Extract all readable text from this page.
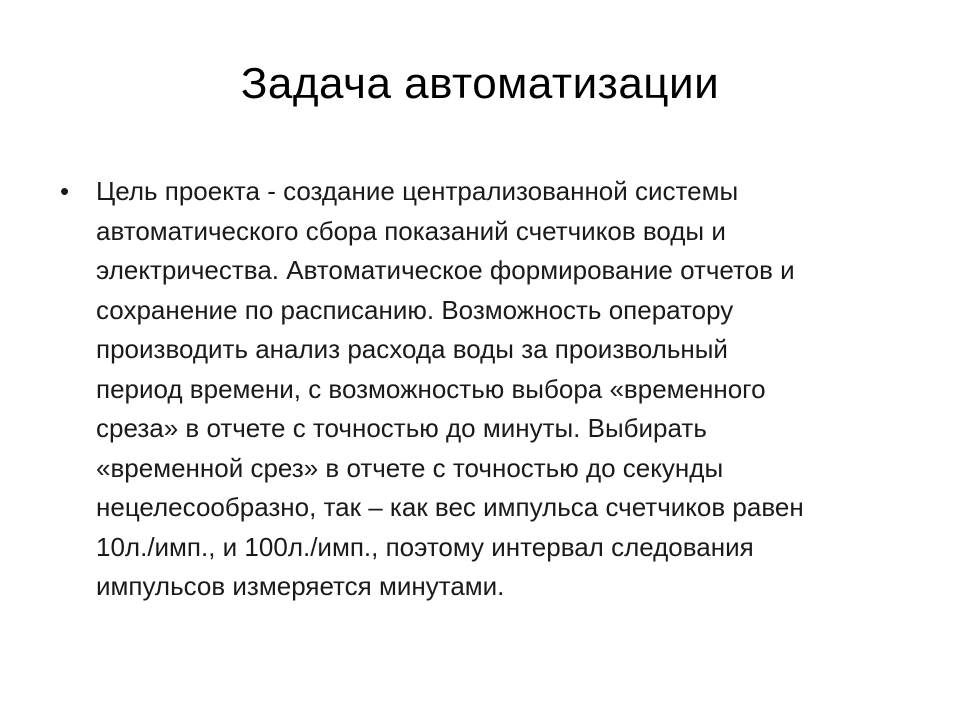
Задача автоматизации
•	Цель проекта - создание централизованной системы
автоматического сбора показаний счетчиков воды и
электричества. Автоматическое формирование отчетов и
сохранение по расписанию. Возможность оператору
производить анализ расхода воды за произвольный
период времени, с возможностью выбора «временного
среза» в отчете с точностью до минуты. Выбирать
«временной срез» в отчете с точностью до секунды
нецелесообразно, так – как вес импульса счетчиков равен
10л./имп., и 100л./имп., поэтому интервал следования
импульсов измеряется минутами.
